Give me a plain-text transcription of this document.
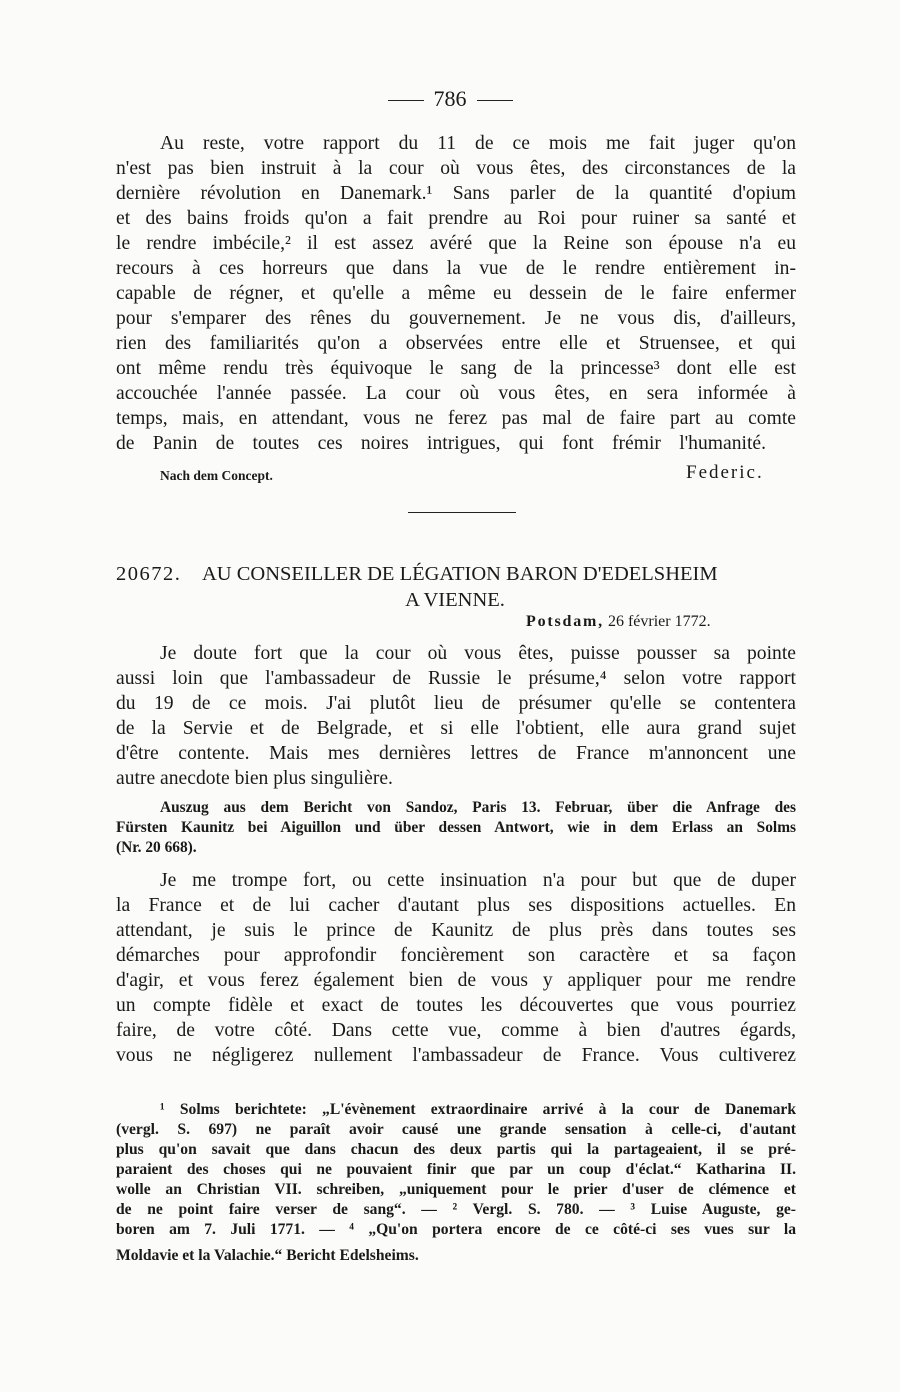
786
Au reste, votre rapport du 11 de ce mois me fait juger qu'on
n'est pas bien instruit à la cour où vous êtes, des circonstances de la
dernière révolution en Danemark.¹ Sans parler de la quantité d'opium
et des bains froids qu'on a fait prendre au Roi pour ruiner sa santé et
le rendre imbécile,² il est assez avéré que la Reine son épouse n'a eu
recours à ces horreurs que dans la vue de le rendre entièrement in-
capable de régner, et qu'elle a même eu dessein de le faire enfermer
pour s'emparer des rênes du gouvernement. Je ne vous dis, d'ailleurs,
rien des familiarités qu'on a observées entre elle et Struensee, et qui
ont même rendu très équivoque le sang de la princesse³ dont elle est
accouchée l'année passée. La cour où vous êtes, en sera informée à
temps, mais, en attendant, vous ne ferez pas mal de faire part au comte
de Panin de toutes ces noires intrigues, qui font frémir l'humanité.
Nach dem Concept.	Federic.
20672. AU CONSEILLER DE LÉGATION BARON D'EDELSHEIM
A VIENNE.
Potsdam, 26 février 1772.
Je doute fort que la cour où vous êtes, puisse pousser sa pointe
aussi loin que l'ambassadeur de Russie le présume,⁴ selon votre rapport
du 19 de ce mois. J'ai plutôt lieu de présumer qu'elle se contentera
de la Servie et de Belgrade, et si elle l'obtient, elle aura grand sujet
d'être contente. Mais mes dernières lettres de France m'annoncent une
autre anecdote bien plus singulière.
Auszug aus dem Bericht von Sandoz, Paris 13. Februar, über die Anfrage des
Fürsten Kaunitz bei Aiguillon und über dessen Antwort, wie in dem Erlass an Solms
(Nr. 20 668).
Je me trompe fort, ou cette insinuation n'a pour but que de duper
la France et de lui cacher d'autant plus ses dispositions actuelles. En
attendant, je suis le prince de Kaunitz de plus près dans toutes ses
démarches pour approfondir foncièrement son caractère et sa façon
d'agir, et vous ferez également bien de vous y appliquer pour me rendre
un compte fidèle et exact de toutes les découvertes que vous pourriez
faire, de votre côté. Dans cette vue, comme à bien d'autres égards,
vous ne négligerez nullement l'ambassadeur de France. Vous cultiverez
¹ Solms berichtete: „L'évènement extraordinaire arrivé à la cour de Danemark
(vergl. S. 697) ne paraît avoir causé une grande sensation à celle-ci, d'autant
plus qu'on savait que dans chacun des deux partis qui la partageaient, il se pré-
paraient des choses qui ne pouvaient finir que par un coup d'éclat.“ Katharina II.
wolle an Christian VII. schreiben, „uniquement pour le prier d'user de clémence et
de ne point faire verser de sang“. — ² Vergl. S. 780. — ³ Luise Auguste, ge-
boren am 7. Juli 1771. — ⁴ „Qu'on portera encore de ce côté-ci ses vues sur la
Moldavie et la Valachie.“ Bericht Edelsheims.
